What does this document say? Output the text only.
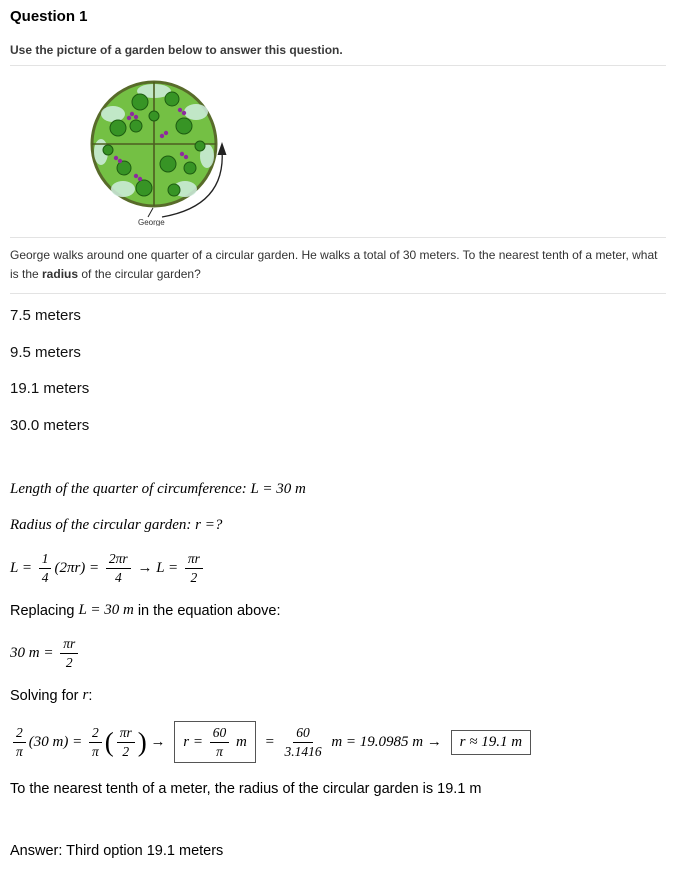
Question 1

Use the picture of a garden below to answer this question.

George

George walks around one quarter of a circular garden. He walks a total of 30 meters. To the nearest tenth of a meter, what is the radius of the circular garden?

7.5 meters
9.5 meters
19.1 meters
30.0 meters
Length of the quarter of circumference: L = 30 m
Radius of the circular garden: r =?
$L = \frac{1}{4} (2\pi r) = \frac{2\pi r}{4} \to L = \frac{\pi r}{2}$
Replacing L = 30 m in the equation above:
30 $m = \frac{\pi r}{2}$
Solving for r :
$\frac{2}{\pi} (30$ $m) = \frac{2}{\pi}$ ( $\frac{\pi r}{2}$ ) → $r = \frac{60}{\pi}$ $m = \frac{60}{3.1416}$ m = 19.0985 m → r ≈ 19.1 m
To the nearest tenth of a meter, the radius of the circular garden is 19.1 m

Answer: Third option 19.1 meters
